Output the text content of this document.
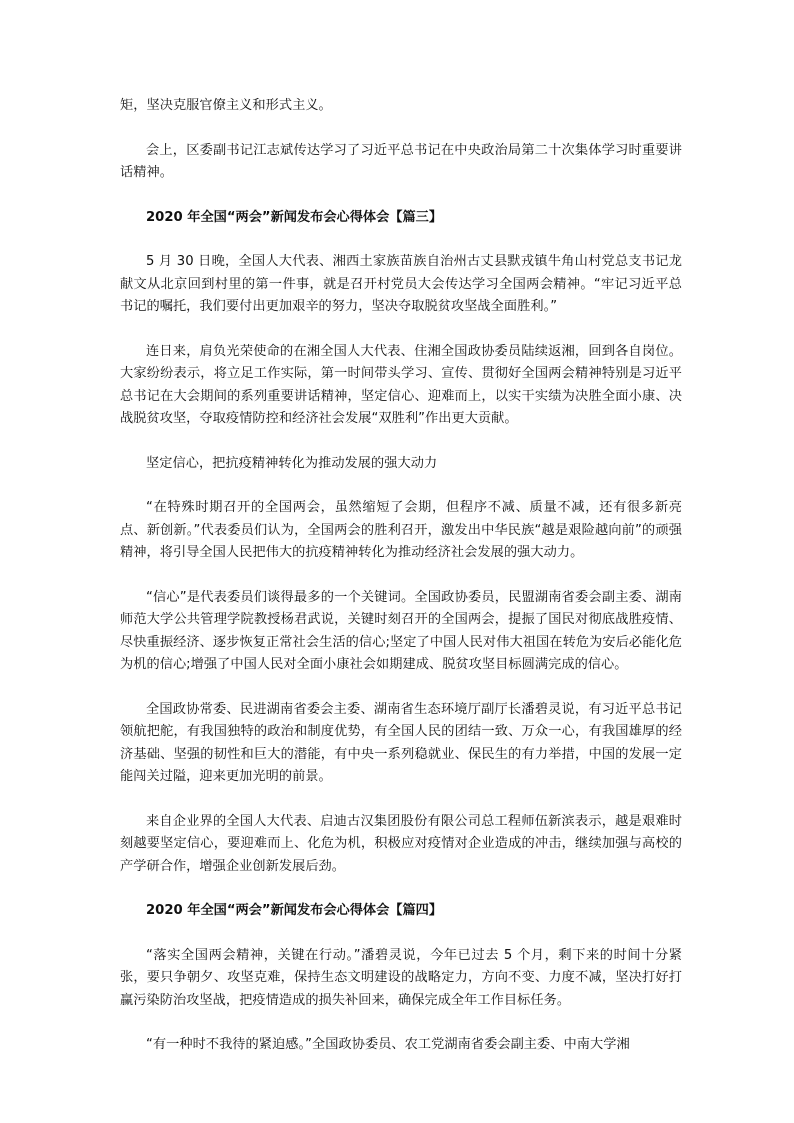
矩，坚决克服官僚主义和形式主义。

会上，区委副书记江志斌传达学习了习近平总书记在中央政治局第二十次集体学习时重要讲话精神。

2020 年全国“两会”新闻发布会心得体会【篇三】

5 月 30 日晚，全国人大代表、湘西土家族苗族自治州古丈县默戎镇牛角山村党总支书记龙献文从北京回到村里的第一件事，就是召开村党员大会传达学习全国两会精神。“牢记习近平总书记的嘱托，我们要付出更加艰辛的努力，坚决夺取脱贫攻坚战全面胜利。”

连日来，肩负光荣使命的在湘全国人大代表、住湘全国政协委员陆续返湘，回到各自岗位。大家纷纷表示，将立足工作实际，第一时间带头学习、宣传、贯彻好全国两会精神特别是习近平总书记在大会期间的系列重要讲话精神，坚定信心、迎难而上，以实干实绩为决胜全面小康、决战脱贫攻坚，夺取疫情防控和经济社会发展“双胜利”作出更大贡献。

坚定信心，把抗疫精神转化为推动发展的强大动力

“在特殊时期召开的全国两会，虽然缩短了会期，但程序不减、质量不减，还有很多新亮点、新创新。”代表委员们认为，全国两会的胜利召开，激发出中华民族“越是艰险越向前”的顽强精神，将引导全国人民把伟大的抗疫精神转化为推动经济社会发展的强大动力。

“信心”是代表委员们谈得最多的一个关键词。全国政协委员，民盟湖南省委会副主委、湖南师范大学公共管理学院教授杨君武说，关键时刻召开的全国两会，提振了国民对彻底战胜疫情、尽快重振经济、逐步恢复正常社会生活的信心;坚定了中国人民对伟大祖国在转危为安后必能化危为机的信心;增强了中国人民对全面小康社会如期建成、脱贫攻坚目标圆满完成的信心。

全国政协常委、民进湖南省委会主委、湖南省生态环境厅副厅长潘碧灵说，有习近平总书记领航把舵，有我国独特的政治和制度优势，有全国人民的团结一致、万众一心，有我国雄厚的经济基础、坚强的韧性和巨大的潜能，有中央一系列稳就业、保民生的有力举措，中国的发展一定能闯关过隘，迎来更加光明的前景。

来自企业界的全国人大代表、启迪古汉集团股份有限公司总工程师伍新滨表示，越是艰难时刻越要坚定信心，要迎难而上、化危为机，积极应对疫情对企业造成的冲击，继续加强与高校的产学研合作，增强企业创新发展后劲。

2020 年全国“两会”新闻发布会心得体会【篇四】

“落实全国两会精神，关键在行动。”潘碧灵说，今年已过去 5 个月，剩下来的时间十分紧张，要只争朝夕、攻坚克难，保持生态文明建设的战略定力，方向不变、力度不减，坚决打好打赢污染防治攻坚战，把疫情造成的损失补回来，确保完成全年工作目标任务。

“有一种时不我待的紧迫感。”全国政协委员、农工党湖南省委会副主委、中南大学湘
